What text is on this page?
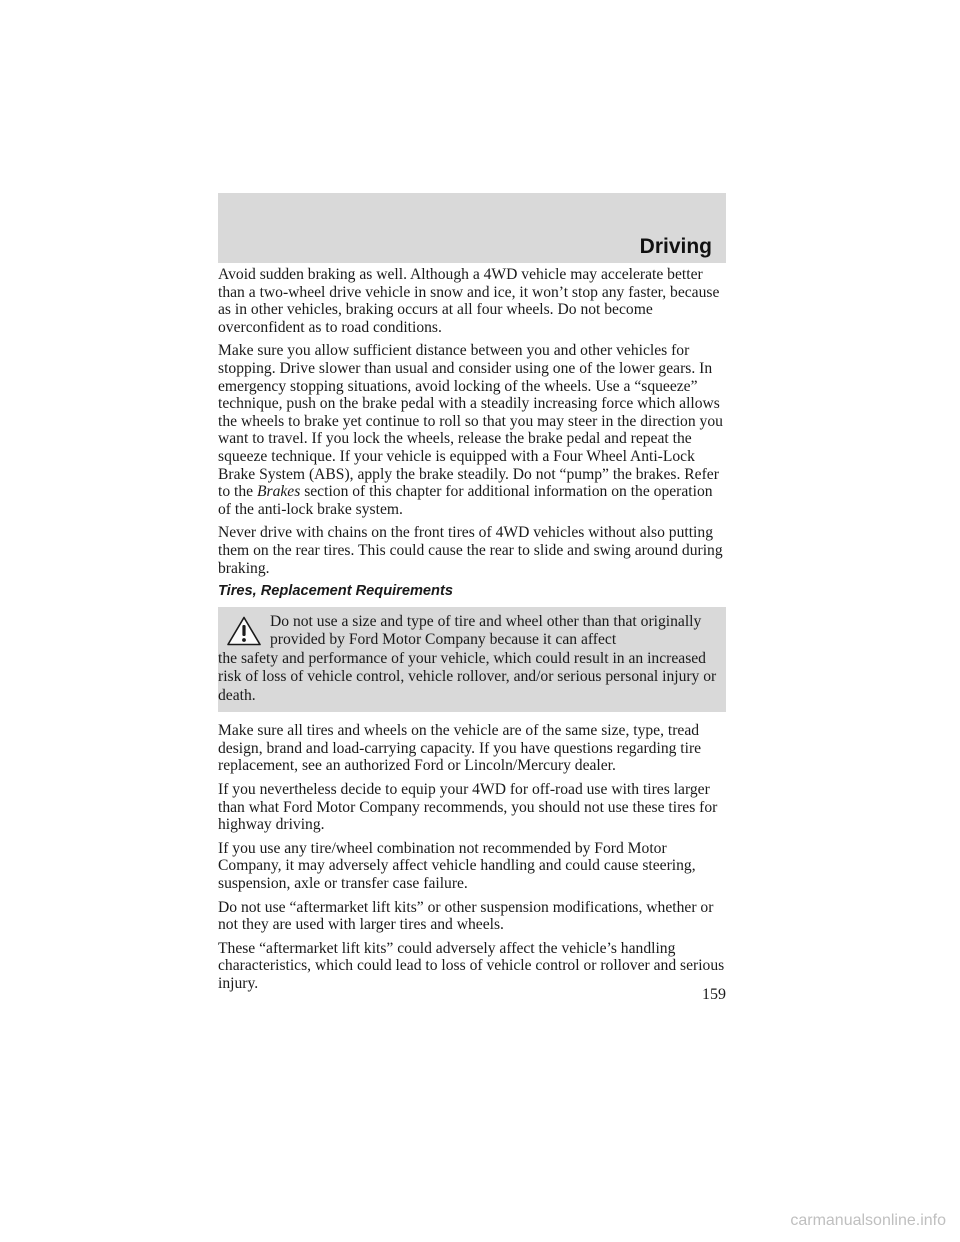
Driving

Avoid sudden braking as well. Although a 4WD vehicle may accelerate better than a two-wheel drive vehicle in snow and ice, it won’t stop any faster, because as in other vehicles, braking occurs at all four wheels. Do not become overconfident as to road conditions.

Make sure you allow sufficient distance between you and other vehicles for stopping. Drive slower than usual and consider using one of the lower gears. In emergency stopping situations, avoid locking of the wheels. Use a “squeeze” technique, push on the brake pedal with a steadily increasing force which allows the wheels to brake yet continue to roll so that you may steer in the direction you want to travel. If you lock the wheels, release the brake pedal and repeat the squeeze technique. If your vehicle is equipped with a Four Wheel Anti-Lock Brake System (ABS), apply the brake steadily. Do not “pump” the brakes. Refer to the Brakes section of this chapter for additional information on the operation of the anti-lock brake system.

Never drive with chains on the front tires of 4WD vehicles without also putting them on the rear tires. This could cause the rear to slide and swing around during braking.

Tires, Replacement Requirements
Do not use a size and type of tire and wheel other than that originally provided by Ford Motor Company because it can affect
the safety and performance of your vehicle, which could result in an increased risk of loss of vehicle control, vehicle rollover, and/or serious personal injury or death.

Make sure all tires and wheels on the vehicle are of the same size, type, tread design, brand and load-carrying capacity. If you have questions regarding tire replacement, see an authorized Ford or Lincoln/Mercury dealer.

If you nevertheless decide to equip your 4WD for off-road use with tires larger than what Ford Motor Company recommends, you should not use these tires for highway driving.

If you use any tire/wheel combination not recommended by Ford Motor Company, it may adversely affect vehicle handling and could cause steering, suspension, axle or transfer case failure.

Do not use “aftermarket lift kits” or other suspension modifications, whether or not they are used with larger tires and wheels.

These “aftermarket lift kits” could adversely affect the vehicle’s handling characteristics, which could lead to loss of vehicle control or rollover and serious injury.

159
carmanualsonline.info
